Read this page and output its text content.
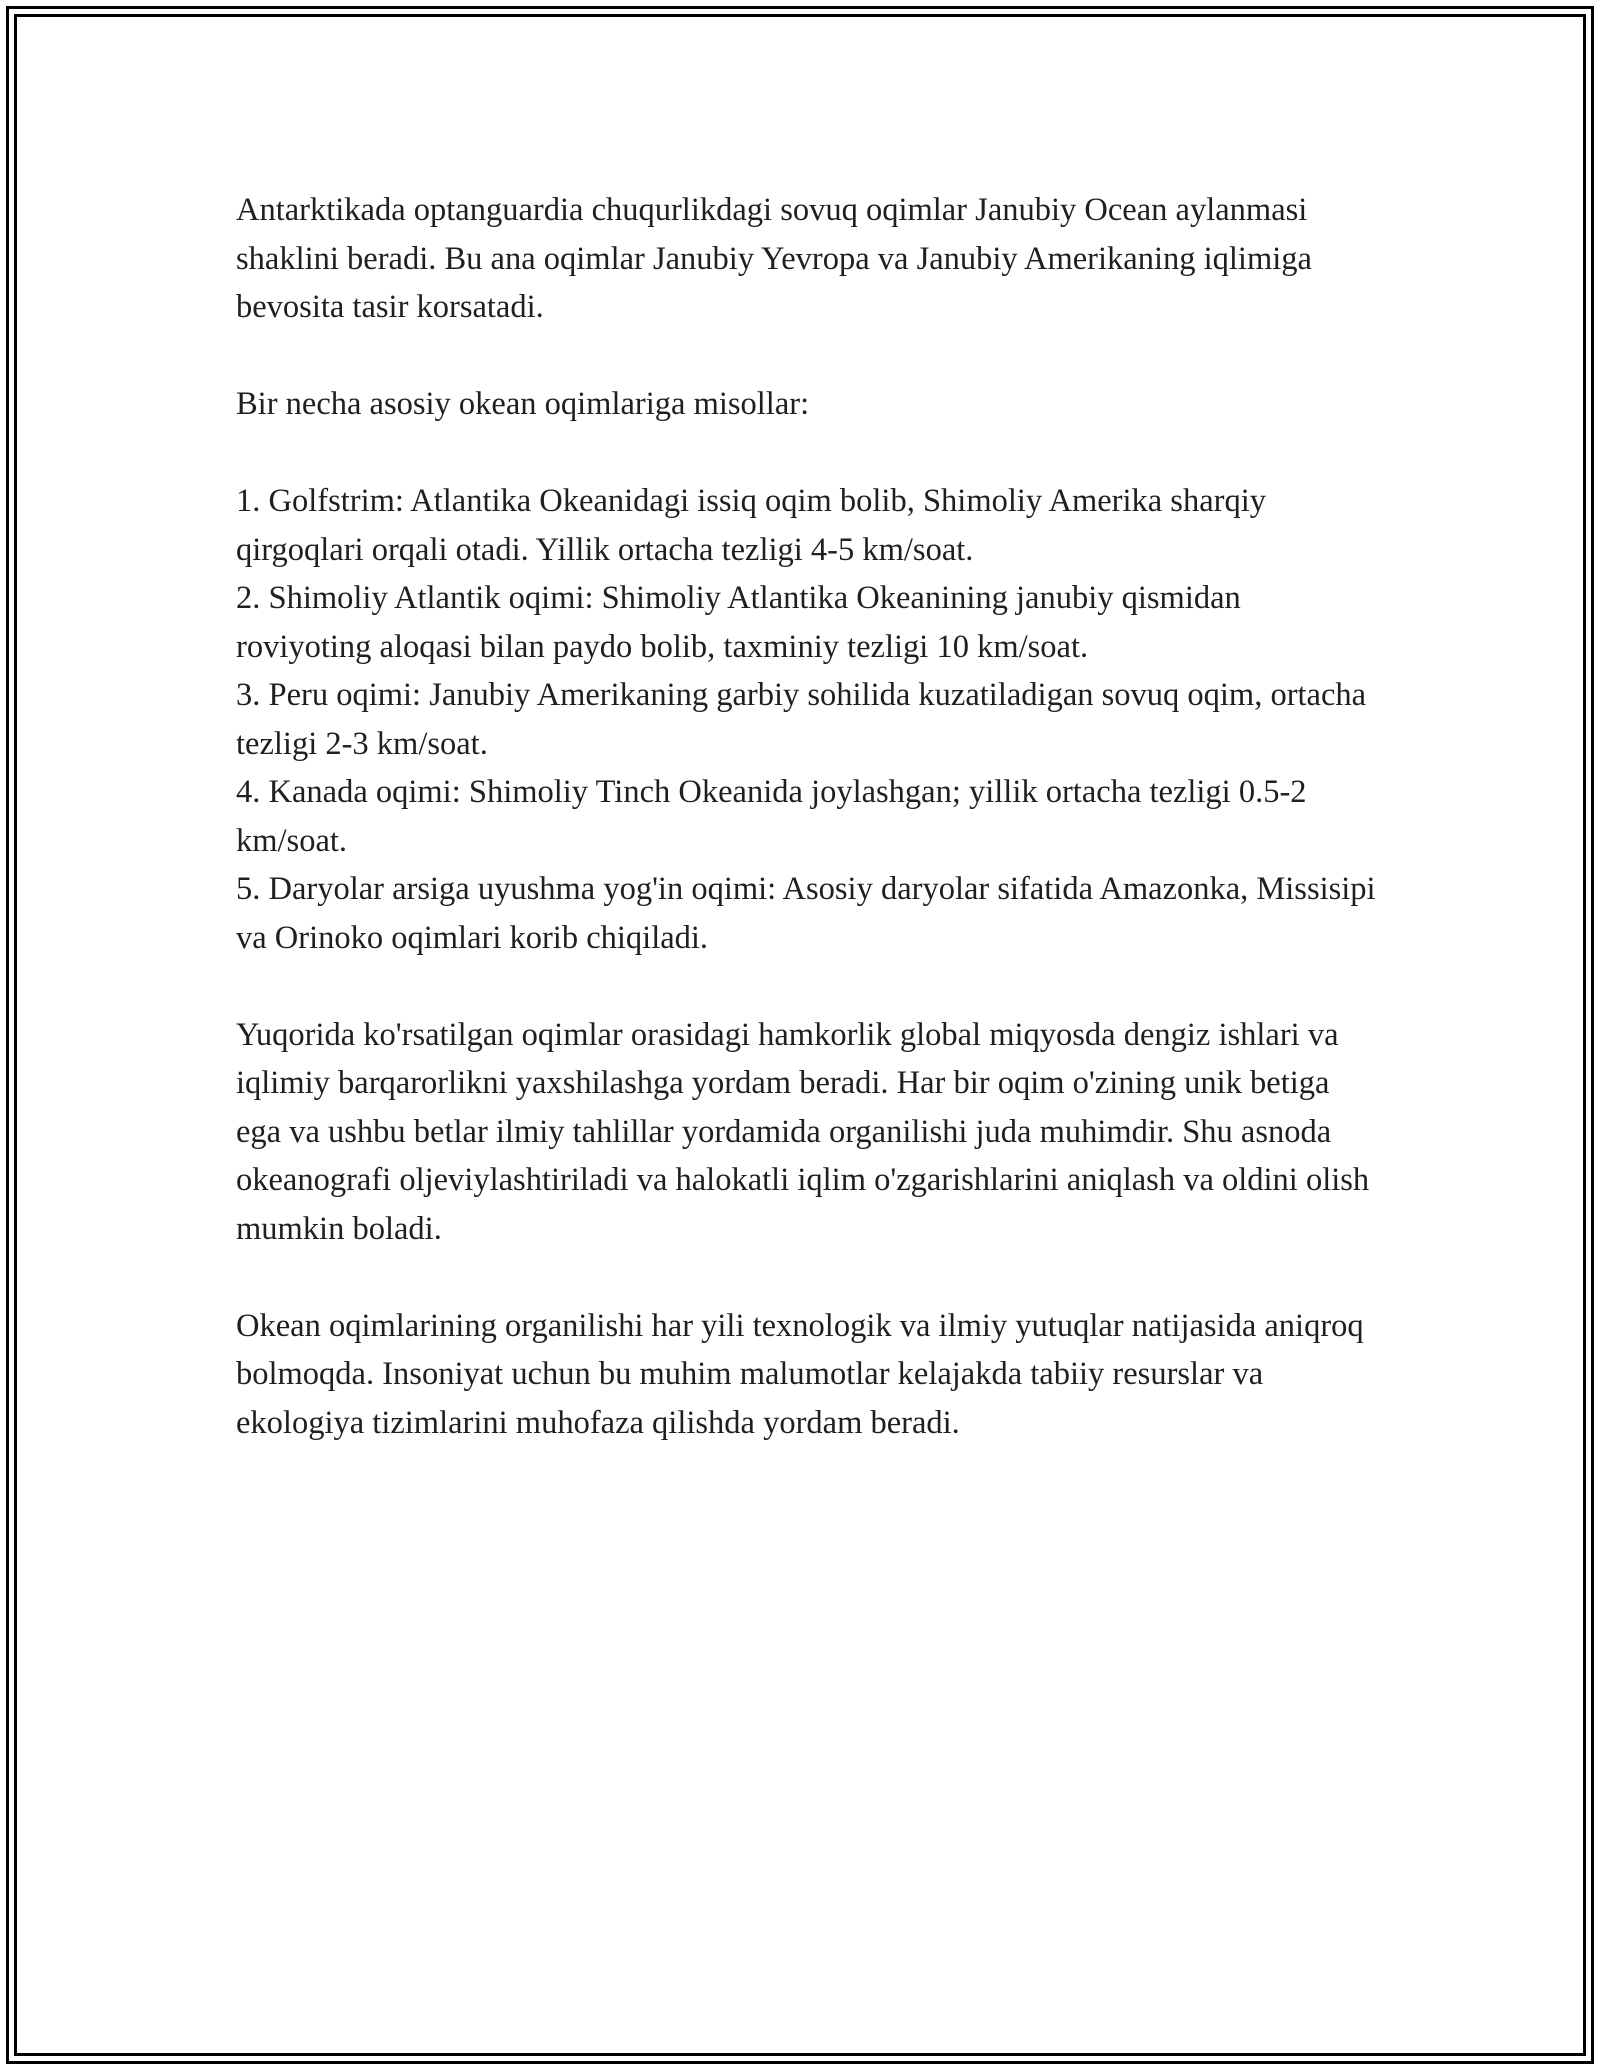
Antarktikada optanguardia chuqurlikdagi sovuq oqimlar Janubiy Ocean aylanmasi shaklini beradi. Bu ana oqimlar Janubiy Yevropa va Janubiy Amerikaning iqlimiga bevosita tasir korsatadi.

Bir necha asosiy okean oqimlariga misollar:

1. Golfstrim: Atlantika Okeanidagi issiq oqim bolib, Shimoliy Amerika sharqiy qirgoqlari orqali otadi. Yillik ortacha tezligi 4-5 km/soat.

2. Shimoliy Atlantik oqimi: Shimoliy Atlantika Okeanining janubiy qismidan roviyoting aloqasi bilan paydo bolib, taxminiy tezligi 10 km/soat.

3. Peru oqimi: Janubiy Amerikaning garbiy sohilida kuzatiladigan sovuq oqim, ortacha tezligi 2-3 km/soat.

4. Kanada oqimi: Shimoliy Tinch Okeanida joylashgan; yillik ortacha tezligi 0.5-2 km/soat.

5. Daryolar arsiga uyushma yog'in oqimi: Asosiy daryolar sifatida Amazonka, Missisipi va Orinoko oqimlari korib chiqiladi.

Yuqorida ko'rsatilgan oqimlar orasidagi hamkorlik global miqyosda dengiz ishlari va iqlimiy barqarorlikni yaxshilashga yordam beradi. Har bir oqim o'zining unik betiga ega va ushbu betlar ilmiy tahlillar yordamida organilishi juda muhimdir. Shu asnoda okeanografi oljeviylashtiriladi va halokatli iqlim o'zgarishlarini aniqlash va oldini olish mumkin boladi.

Okean oqimlarining organilishi har yili texnologik va ilmiy yutuqlar natijasida aniqroq bolmoqda. Insoniyat uchun bu muhim malumotlar kelajakda tabiiy resurslar va ekologiya tizimlarini muhofaza qilishda yordam beradi.
